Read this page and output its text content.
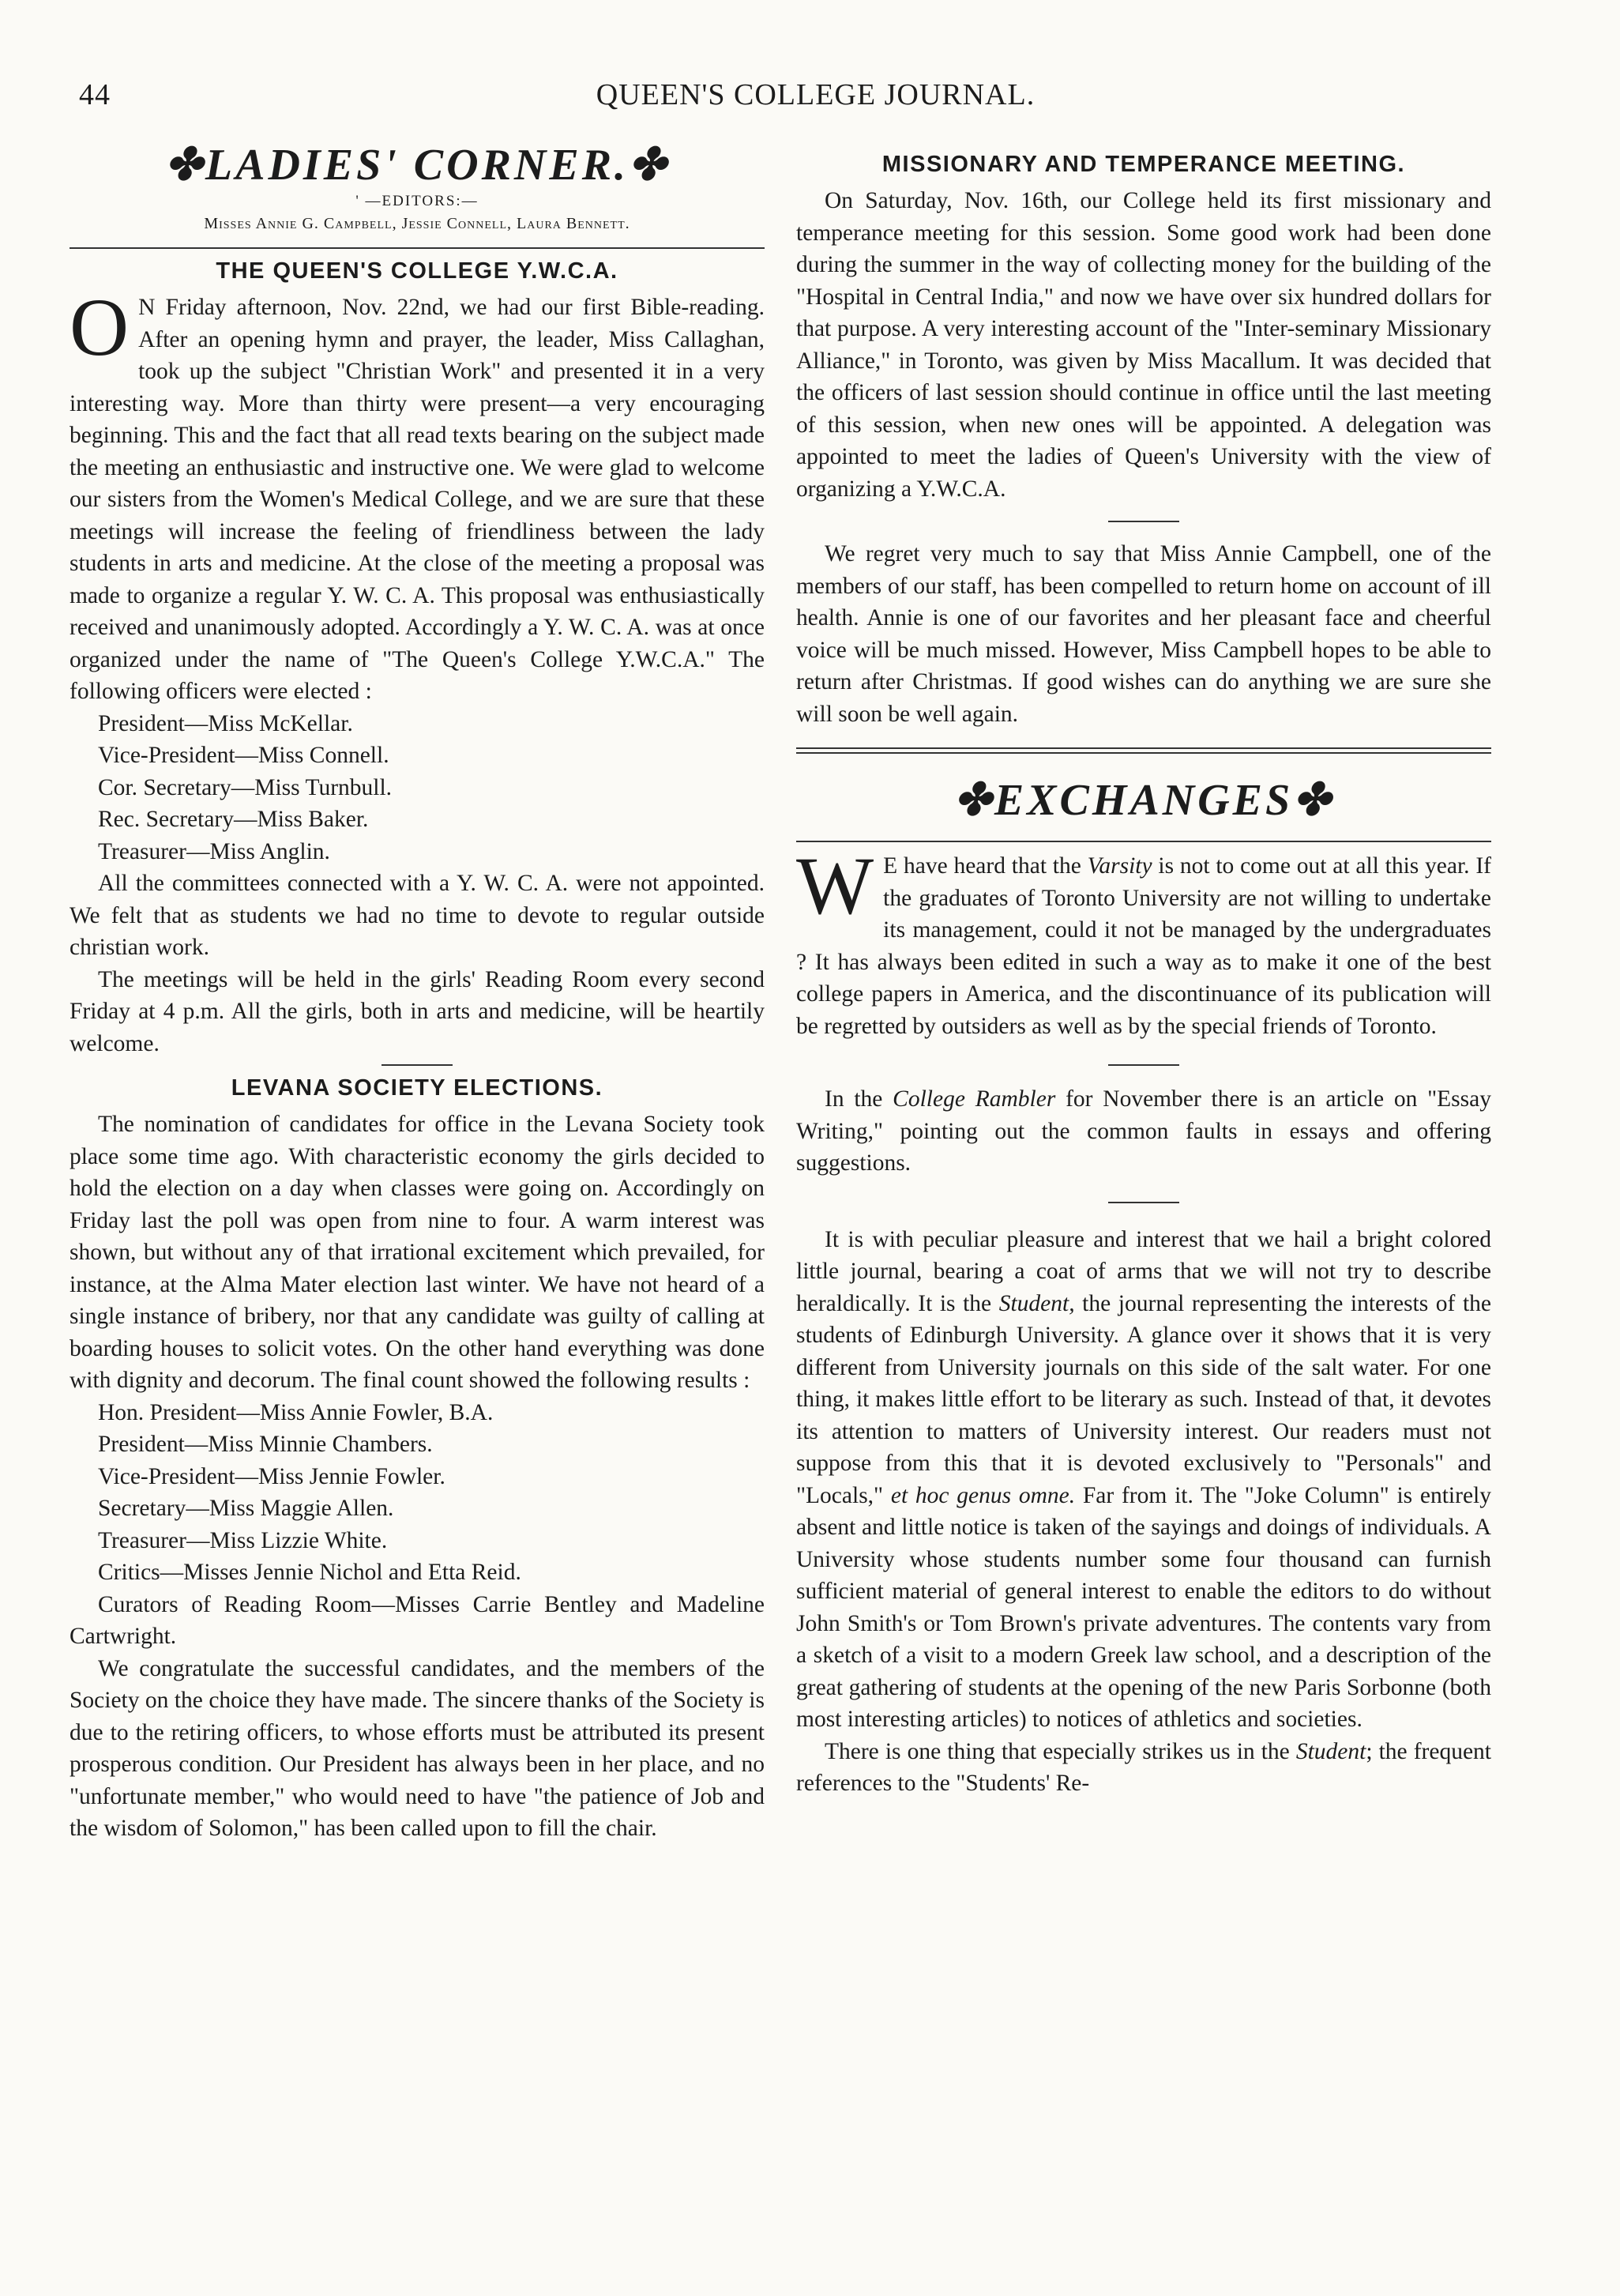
44	QUEEN'S COLLEGE JOURNAL.
✤LADIES' CORNER.✤
' —EDITORS:—
Misses Annie G. Campbell, Jessie Connell, Laura Bennett.
THE QUEEN'S COLLEGE Y.W.C.A.

O N Friday afternoon, Nov. 22nd, we had our first Bible-reading. After an opening hymn and prayer, the leader, Miss Callaghan, took up the subject "Christian Work" and presented it in a very interesting way. More than thirty were present—a very encouraging beginning. This and the fact that all read texts bearing on the subject made the meeting an enthusiastic and instructive one. We were glad to welcome our sisters from the Women's Medical College, and we are sure that these meetings will increase the feeling of friendliness between the lady students in arts and medicine. At the close of the meeting a proposal was made to organize a regular Y. W. C. A. This proposal was enthusiastically received and unanimously adopted. Accordingly a Y. W. C. A. was at once organized under the name of "The Queen's College Y.W.C.A." The following officers were elected :

President—Miss McKellar.
Vice-President—Miss Connell.
Cor. Secretary—Miss Turnbull.
Rec. Secretary—Miss Baker.
Treasurer—Miss Anglin.

All the committees connected with a Y. W. C. A. were not appointed. We felt that as students we had no time to devote to regular outside christian work.

The meetings will be held in the girls' Reading Room every second Friday at 4 p.m. All the girls, both in arts and medicine, will be heartily welcome.

LEVANA SOCIETY ELECTIONS.

The nomination of candidates for office in the Levana Society took place some time ago. With characteristic economy the girls decided to hold the election on a day when classes were going on. Accordingly on Friday last the poll was open from nine to four. A warm interest was shown, but without any of that irrational excitement which prevailed, for instance, at the Alma Mater election last winter. We have not heard of a single instance of bribery, nor that any candidate was guilty of calling at boarding houses to solicit votes. On the other hand everything was done with dignity and decorum. The final count showed the following results :

Hon. President—Miss Annie Fowler, B.A.
President—Miss Minnie Chambers.
Vice-President—Miss Jennie Fowler.
Secretary—Miss Maggie Allen.
Treasurer—Miss Lizzie White.
Critics—Misses Jennie Nichol and Etta Reid.

Curators of Reading Room—Misses Carrie Bentley and Madeline Cartwright.

We congratulate the successful candidates, and the members of the Society on the choice they have made. The sincere thanks of the Society is due to the retiring officers, to whose efforts must be attributed its present prosperous condition. Our President has always been in her place, and no "unfortunate member," who would need to have "the patience of Job and the wisdom of Solomon," has been called upon to fill the chair.

MISSIONARY AND TEMPERANCE MEETING.

On Saturday, Nov. 16th, our College held its first missionary and temperance meeting for this session. Some good work had been done during the summer in the way of collecting money for the building of the "Hospital in Central India," and now we have over six hundred dollars for that purpose. A very interesting account of the "Inter-seminary Missionary Alliance," in Toronto, was given by Miss Macallum. It was decided that the officers of last session should continue in office until the last meeting of this session, when new ones will be appointed. A delegation was appointed to meet the ladies of Queen's University with the view of organizing a Y.W.C.A.

We regret very much to say that Miss Annie Campbell, one of the members of our staff, has been compelled to return home on account of ill health. Annie is one of our favorites and her pleasant face and cheerful voice will be much missed. However, Miss Campbell hopes to be able to return after Christmas. If good wishes can do anything we are sure she will soon be well again.

✤EXCHANGES✤

W E have heard that the Varsity is not to come out at all this year. If the graduates of Toronto University are not willing to undertake its management, could it not be managed by the undergraduates ? It has always been edited in such a way as to make it one of the best college papers in America, and the discontinuance of its publication will be regretted by outsiders as well as by the special friends of Toronto.

In the College Rambler for November there is an article on "Essay Writing," pointing out the common faults in essays and offering suggestions.

It is with peculiar pleasure and interest that we hail a bright colored little journal, bearing a coat of arms that we will not try to describe heraldically. It is the Student, the journal representing the interests of the students of Edinburgh University. A glance over it shows that it is very different from University journals on this side of the salt water. For one thing, it makes little effort to be literary as such. Instead of that, it devotes its attention to matters of University interest. Our readers must not suppose from this that it is devoted exclusively to "Personals" and "Locals," et hoc genus omne. Far from it. The "Joke Column" is entirely absent and little notice is taken of the sayings and doings of individuals. A University whose students number some four thousand can furnish sufficient material of general interest to enable the editors to do without John Smith's or Tom Brown's private adventures. The contents vary from a sketch of a visit to a modern Greek law school, and a description of the great gathering of students at the opening of the new Paris Sorbonne (both most interesting articles) to notices of athletics and societies.

There is one thing that especially strikes us in the Student; the frequent references to the "Students' Re-
